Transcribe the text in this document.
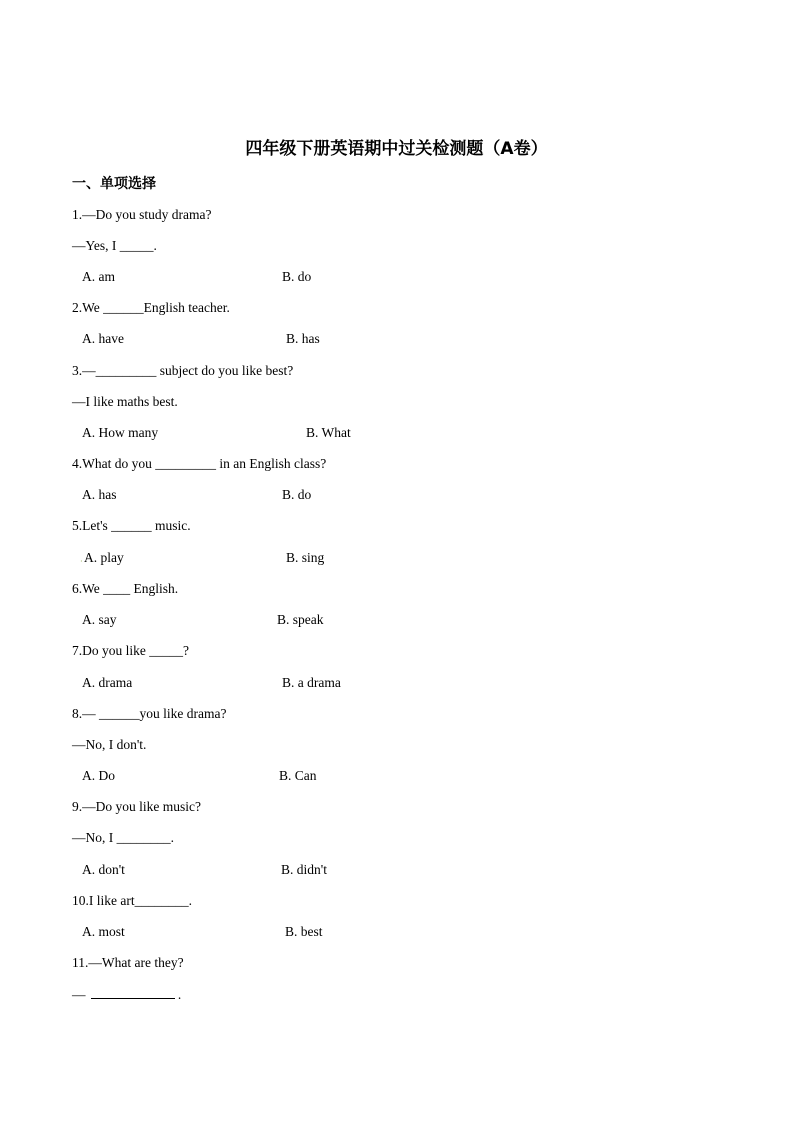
四年级下册英语期中过关检测题（A卷）
一、单项选择
1.—Do you study drama?
—Yes, I _____.
A. am	B. do
2.We ______English teacher.
A. have	B. has
3.—_________ subject do you like best?
—I like maths best.
A. How many	B. What
4.What do you _________ in an English class?
A. has	B. do
5.Let's ______ music.
· A. play	B. sing
6.We ____ English.
A. say	B. speak
7.Do you like _____?
A. drama	B. a drama
8.— ______you like drama?
—No, I don't.
A. Do	B. Can
9.—Do you like music?
—No, I ________.
A. don't	B. didn't
10.I like art________.
A. most	B. best
11.—What are they?
—	.
